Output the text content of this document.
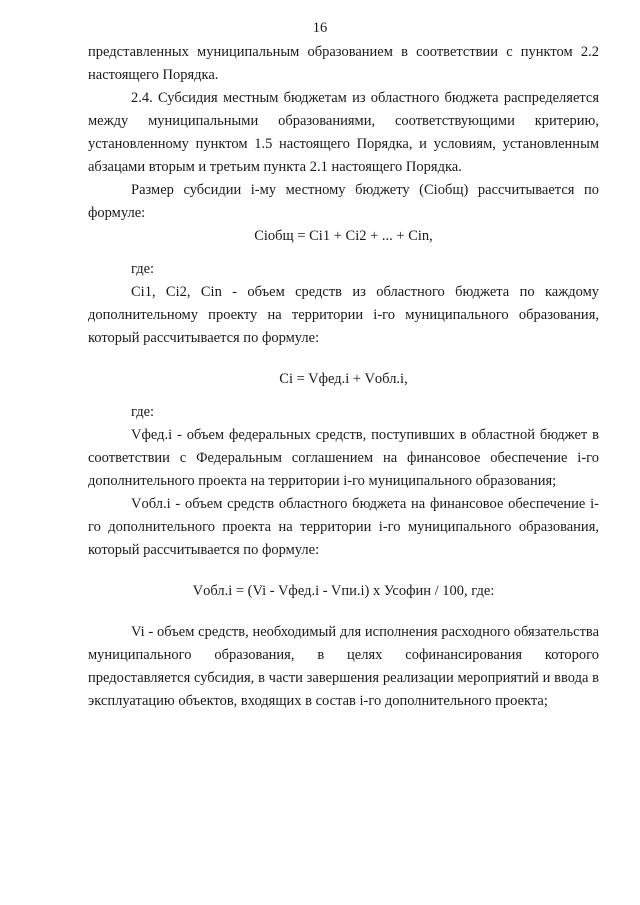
16

представленных муниципальным образованием в соответствии с пунктом 2.2 настоящего Порядка.

2.4. Субсидия местным бюджетам из областного бюджета распределяется между муниципальными образованиями, соответствующими критерию, установленному пунктом 1.5 настоящего Порядка, и условиям, установленным абзацами вторым и третьим пункта 2.1 настоящего Порядка.

Размер субсидии i-му местному бюджету (Сiобщ) рассчитывается по формуле:

Сiобщ = Сi1 + Сi2 + ... + Сin,

где:

Сi1, Сi2, Сin - объем средств из областного бюджета по каждому дополнительному проекту на территории i-го муниципального образования, который рассчитывается по формуле:

Сi = Vфед.i + Vобл.i,

где:

Vфед.i - объем федеральных средств, поступивших в областной бюджет в соответствии с Федеральным соглашением на финансовое обеспечение i-го дополнительного проекта на территории i-го муниципального образования;

Vобл.i - объем средств областного бюджета на финансовое обеспечение i-го дополнительного проекта на территории i-го муниципального образования, который рассчитывается по формуле:

Vобл.i = (Vi - Vфед.i - Vпи.i) x Усофин / 100, где:

Vi - объем средств, необходимый для исполнения расходного обязательства муниципального образования, в целях софинансирования которого предоставляется субсидия, в части завершения реализации мероприятий и ввода в эксплуатацию объектов, входящих в состав i-го дополнительного проекта;
